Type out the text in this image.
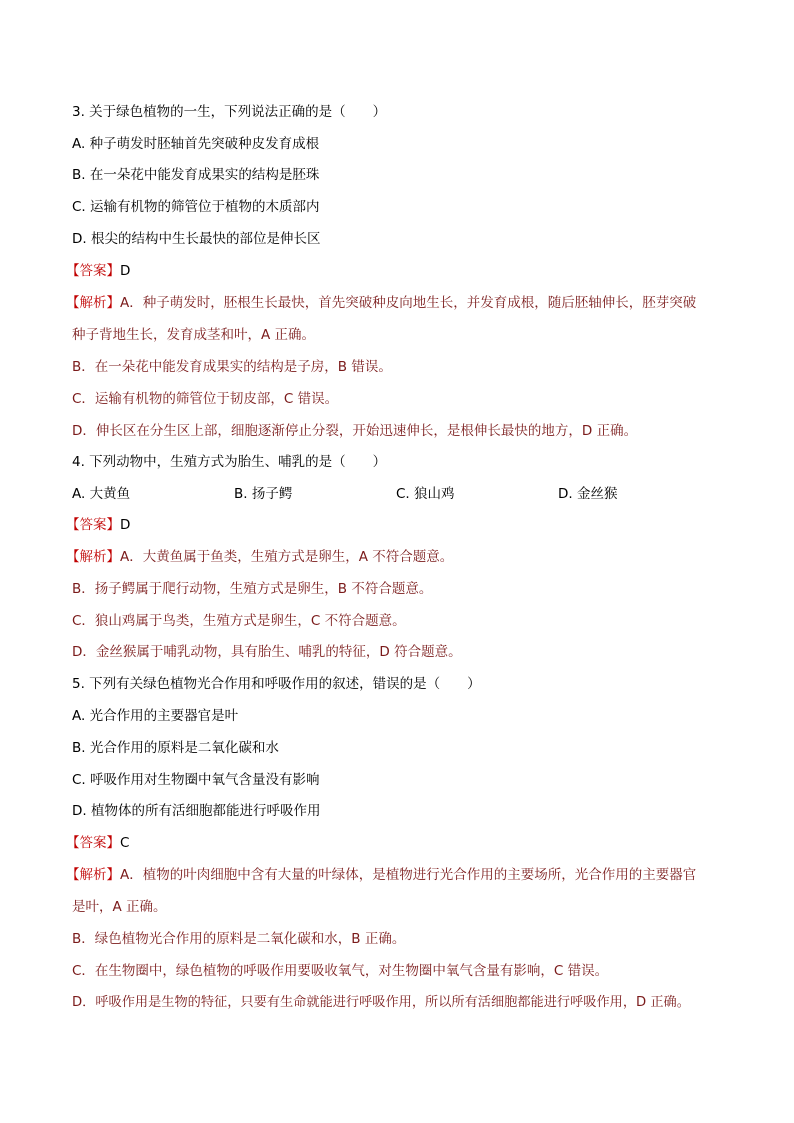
3. 关于绿色植物的一生，下列说法正确的是（　　）
A. 种子萌发时胚轴首先突破种皮发育成根
B. 在一朵花中能发育成果实的结构是胚珠
C. 运输有机物的筛管位于植物的木质部内
D. 根尖的结构中生长最快的部位是伸长区
【答案】D
【解析】A．种子萌发时，胚根生长最快，首先突破种皮向地生长，并发育成根，随后胚轴伸长，胚芽突破
种子背地生长，发育成茎和叶，A 正确。
B．在一朵花中能发育成果实的结构是子房，B 错误。
C．运输有机物的筛管位于韧皮部，C 错误。
D．伸长区在分生区上部，细胞逐渐停止分裂，开始迅速伸长，是根伸长最快的地方，D 正确。
4. 下列动物中，生殖方式为胎生、哺乳的是（　　）
A. 大黄鱼	B. 扬子鳄	C. 狼山鸡	D. 金丝猴
【答案】D
【解析】A．大黄鱼属于鱼类，生殖方式是卵生，A 不符合题意。
B．扬子鳄属于爬行动物，生殖方式是卵生，B 不符合题意。
C．狼山鸡属于鸟类，生殖方式是卵生，C 不符合题意。
D．金丝猴属于哺乳动物，具有胎生、哺乳的特征，D 符合题意。
5. 下列有关绿色植物光合作用和呼吸作用的叙述，错误的是（　　）
A. 光合作用的主要器官是叶
B. 光合作用的原料是二氧化碳和水
C. 呼吸作用对生物圈中氧气含量没有影响
D. 植物体的所有活细胞都能进行呼吸作用
【答案】C
【解析】A．植物的叶肉细胞中含有大量的叶绿体，是植物进行光合作用的主要场所，光合作用的主要器官
是叶，A 正确。
B．绿色植物光合作用的原料是二氧化碳和水，B 正确。
C．在生物圈中，绿色植物的呼吸作用要吸收氧气，对生物圈中氧气含量有影响，C 错误。
D．呼吸作用是生物的特征，只要有生命就能进行呼吸作用，所以所有活细胞都能进行呼吸作用，D 正确。
